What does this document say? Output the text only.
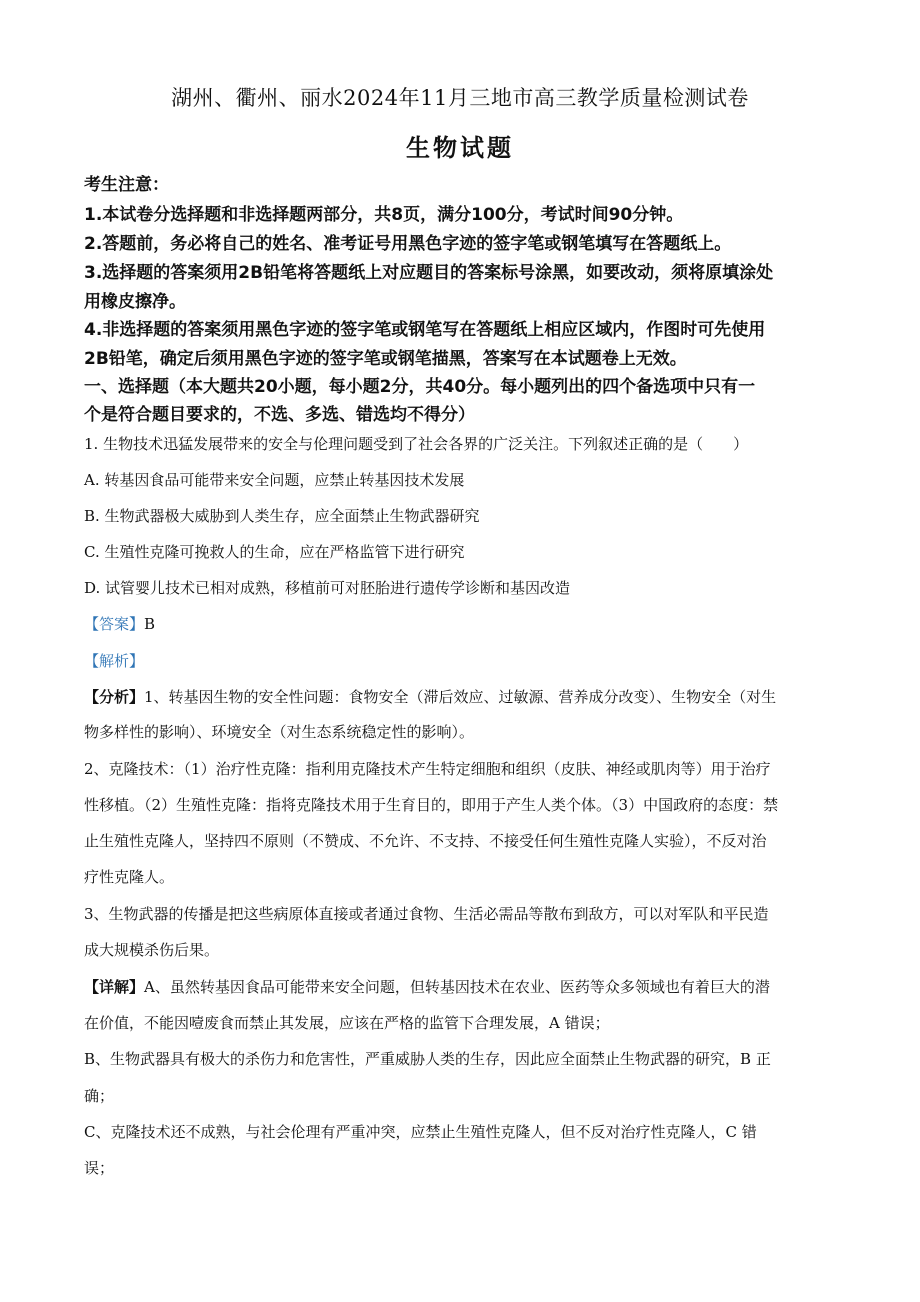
湖州、衢州、丽水2024年11月三地市高三教学质量检测试卷
生物试题
考生注意：
1.本试卷分选择题和非选择题两部分，共8页，满分100分，考试时间90分钟。
2.答题前，务必将自己的姓名、准考证号用黑色字迹的签字笔或钢笔填写在答题纸上。
3.选择题的答案须用2B铅笔将答题纸上对应题目的答案标号涂黑，如要改动，须将原填涂处
用橡皮擦净。
4.非选择题的答案须用黑色字迹的签字笔或钢笔写在答题纸上相应区域内，作图时可先使用
2B铅笔，确定后须用黑色字迹的签字笔或钢笔描黑，答案写在本试题卷上无效。
一、选择题（本大题共20小题，每小题2分，共40分。每小题列出的四个备选项中只有一
个是符合题目要求的，不选、多选、错选均不得分）
1. 生物技术迅猛发展带来的安全与伦理问题受到了社会各界的广泛关注。下列叙述正确的是（　　）
A. 转基因食品可能带来安全问题，应禁止转基因技术发展
B. 生物武器极大威胁到人类生存，应全面禁止生物武器研究
C. 生殖性克隆可挽救人的生命，应在严格监管下进行研究
D. 试管婴儿技术已相对成熟，移植前可对胚胎进行遗传学诊断和基因改造
【答案】B
【解析】
【分析】1、转基因生物的安全性问题：食物安全（滞后效应、过敏源、营养成分改变）、生物安全（对生
物多样性的影响）、环境安全（对生态系统稳定性的影响）。
2、克隆技术：（1）治疗性克隆：指利用克隆技术产生特定细胞和组织（皮肤、神经或肌肉等）用于治疗
性移植。（2）生殖性克隆：指将克隆技术用于生育目的，即用于产生人类个体。（3）中国政府的态度：禁
止生殖性克隆人，坚持四不原则（不赞成、不允许、不支持、不接受任何生殖性克隆人实验），不反对治
疗性克隆人。
3、生物武器的传播是把这些病原体直接或者通过食物、生活必需品等散布到敌方，可以对军队和平民造
成大规模杀伤后果。
【详解】A、虽然转基因食品可能带来安全问题，但转基因技术在农业、医药等众多领域也有着巨大的潜
在价值，不能因噎废食而禁止其发展，应该在严格的监管下合理发展，A 错误；
B、生物武器具有极大的杀伤力和危害性，严重威胁人类的生存，因此应全面禁止生物武器的研究，B 正
确；
C、克隆技术还不成熟，与社会伦理有严重冲突，应禁止生殖性克隆人，但不反对治疗性克隆人，C 错
误；
